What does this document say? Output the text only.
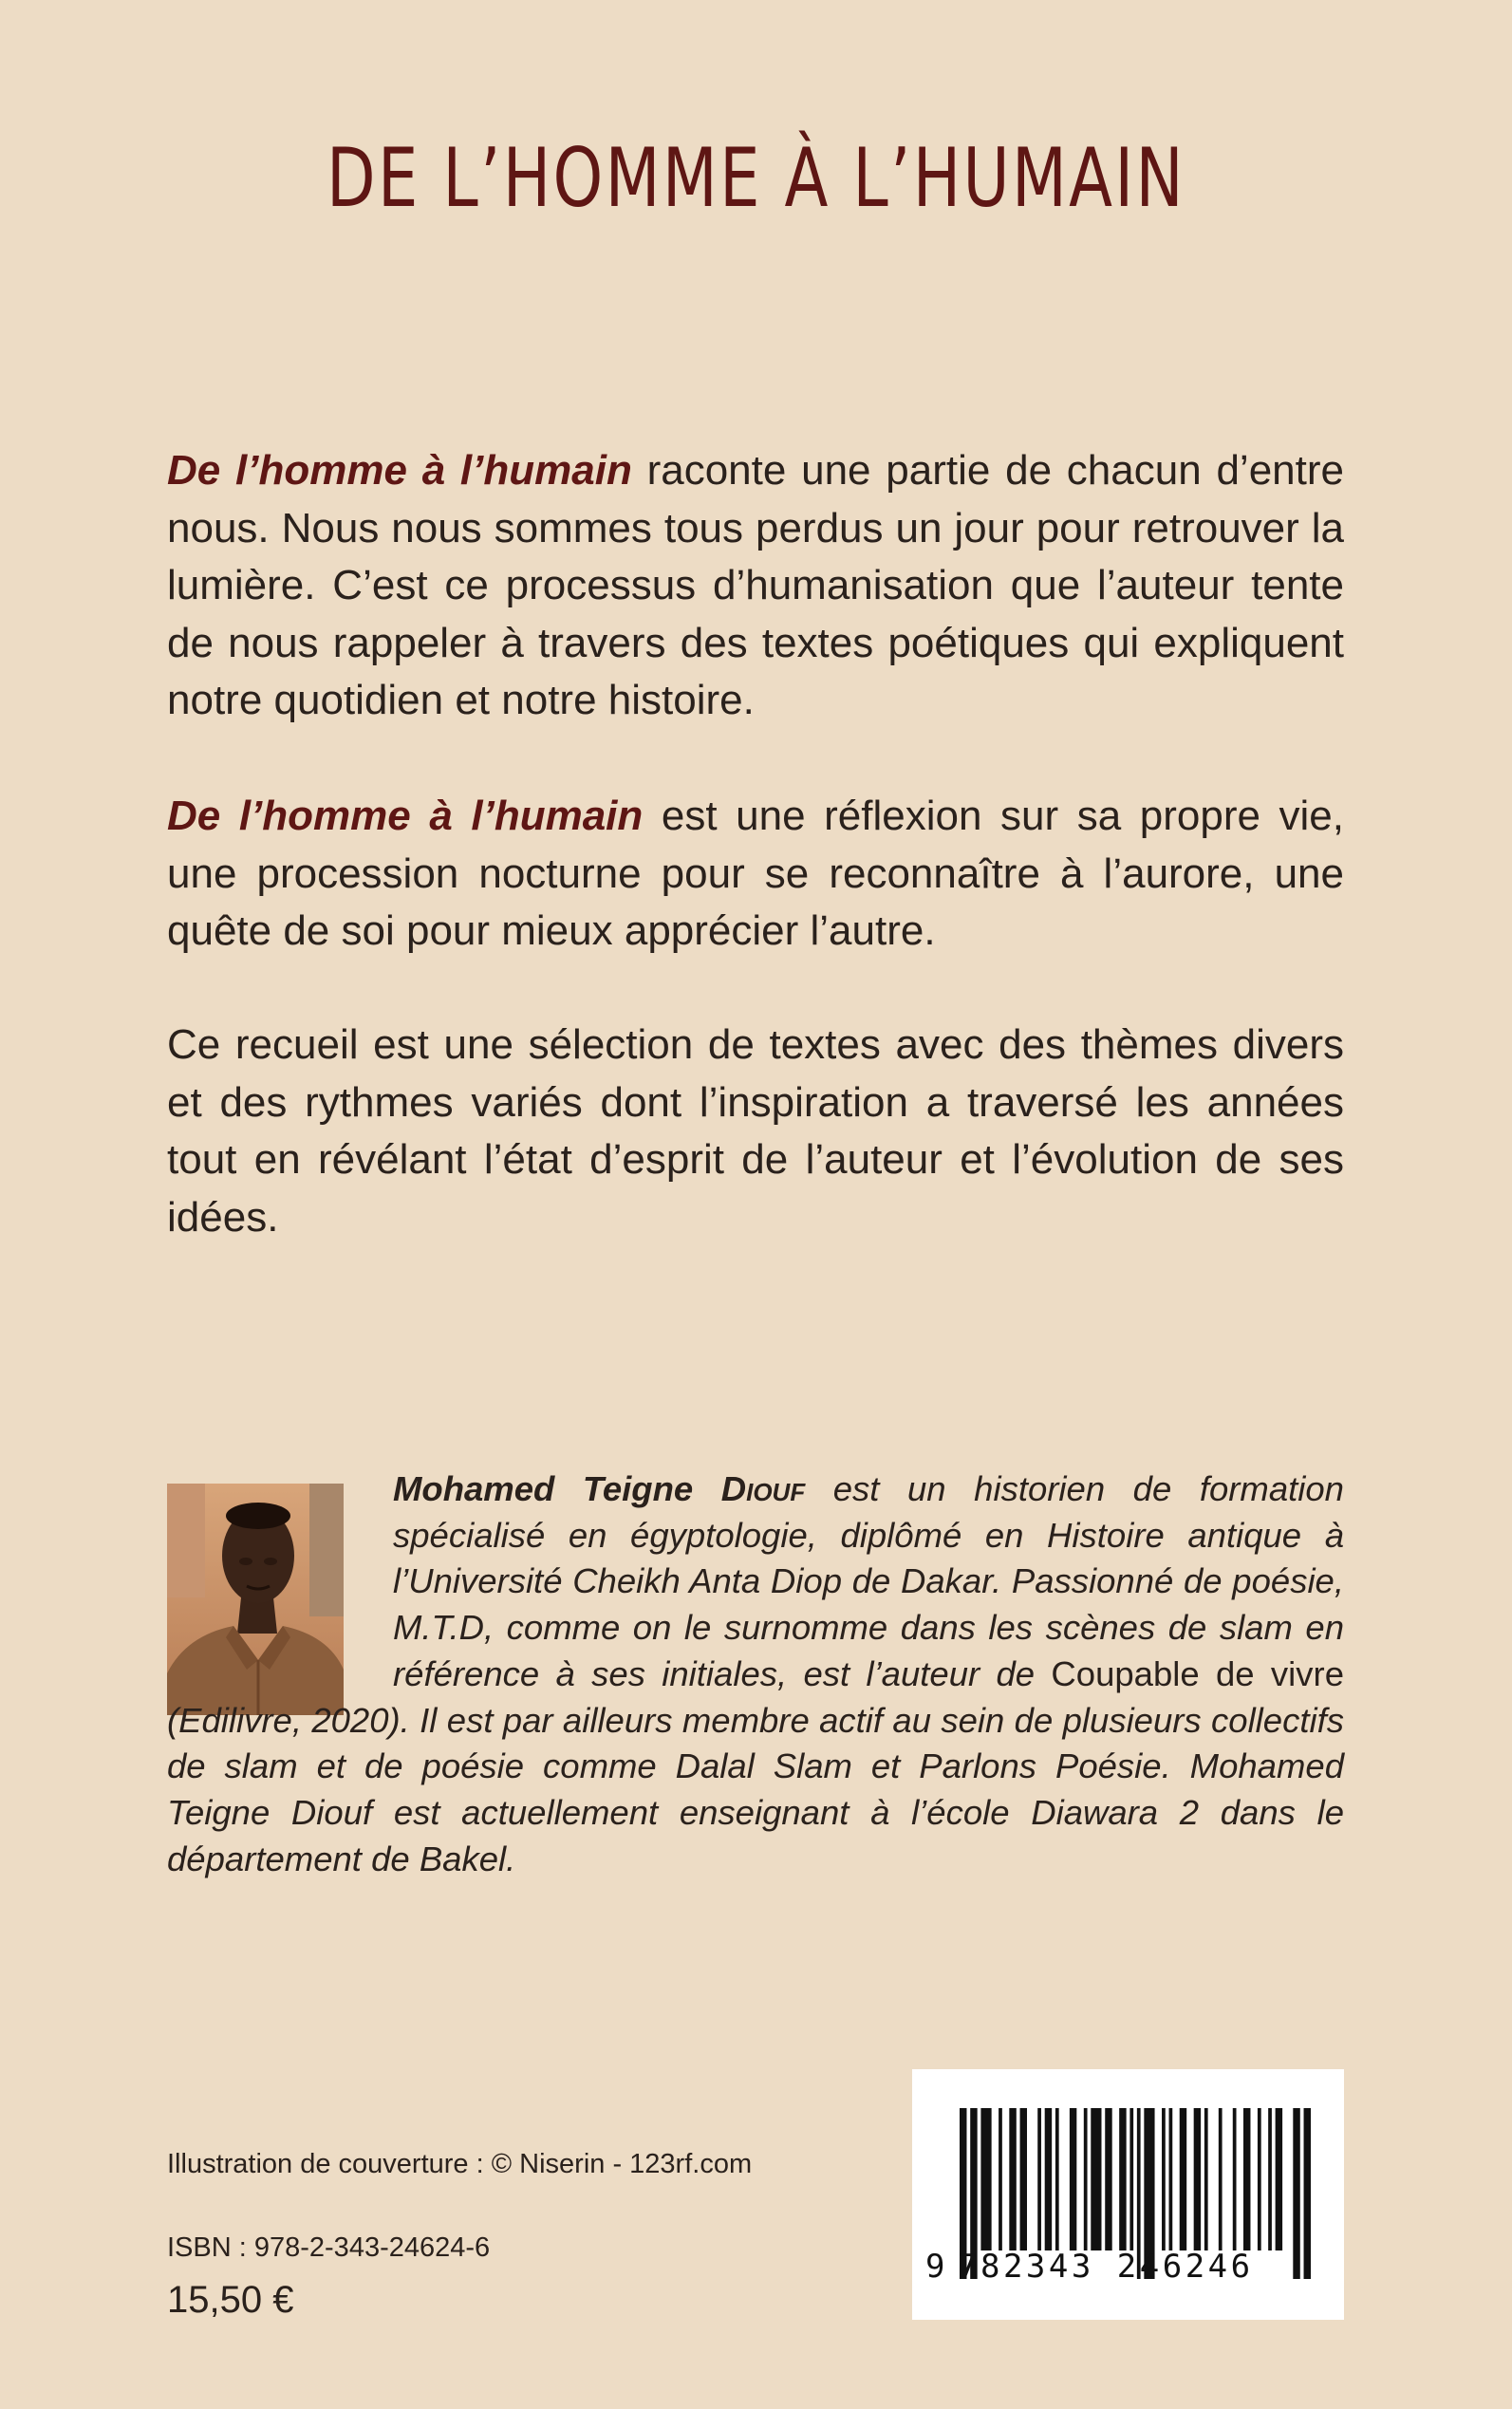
DE L’HOMME À L’HUMAIN

De l’homme à l’humain raconte une partie de chacun d’entre nous. Nous nous sommes tous perdus un jour pour retrouver la lumière. C’est ce processus d’humanisation que l’auteur tente de nous rappeler à travers des textes poétiques qui expliquent notre quotidien et notre histoire.

De l’homme à l’humain est une réflexion sur sa propre vie, une procession nocturne pour se reconnaître à l’aurore, une quête de soi pour mieux apprécier l’autre.

Ce recueil est une sélection de textes avec des thèmes divers et des rythmes variés dont l’inspiration a traversé les années tout en révélant l’état d’esprit de l’auteur et l’évolution de ses idées.

Mohamed Teigne Diouf est un historien de formation spécialisé en égyptologie, diplômé en Histoire antique à l’Université Cheikh Anta Diop de Dakar. Passionné de poésie, M.T.D, comme on le surnomme dans les scènes de slam en référence à ses initiales, est l’auteur de Coupable de vivre (Edilivre, 2020). Il est par ailleurs membre actif au sein de plusieurs collectifs de slam et de poésie comme Dalal Slam et Parlons Poésie. Mohamed Teigne Diouf est actuellement enseignant à l’école Diawara 2 dans le département de Bakel.

Illustration de couverture : © Niserin - 123rf.com

ISBN : 978-2-343-24624-6

15,50 €

9 782343 246246
